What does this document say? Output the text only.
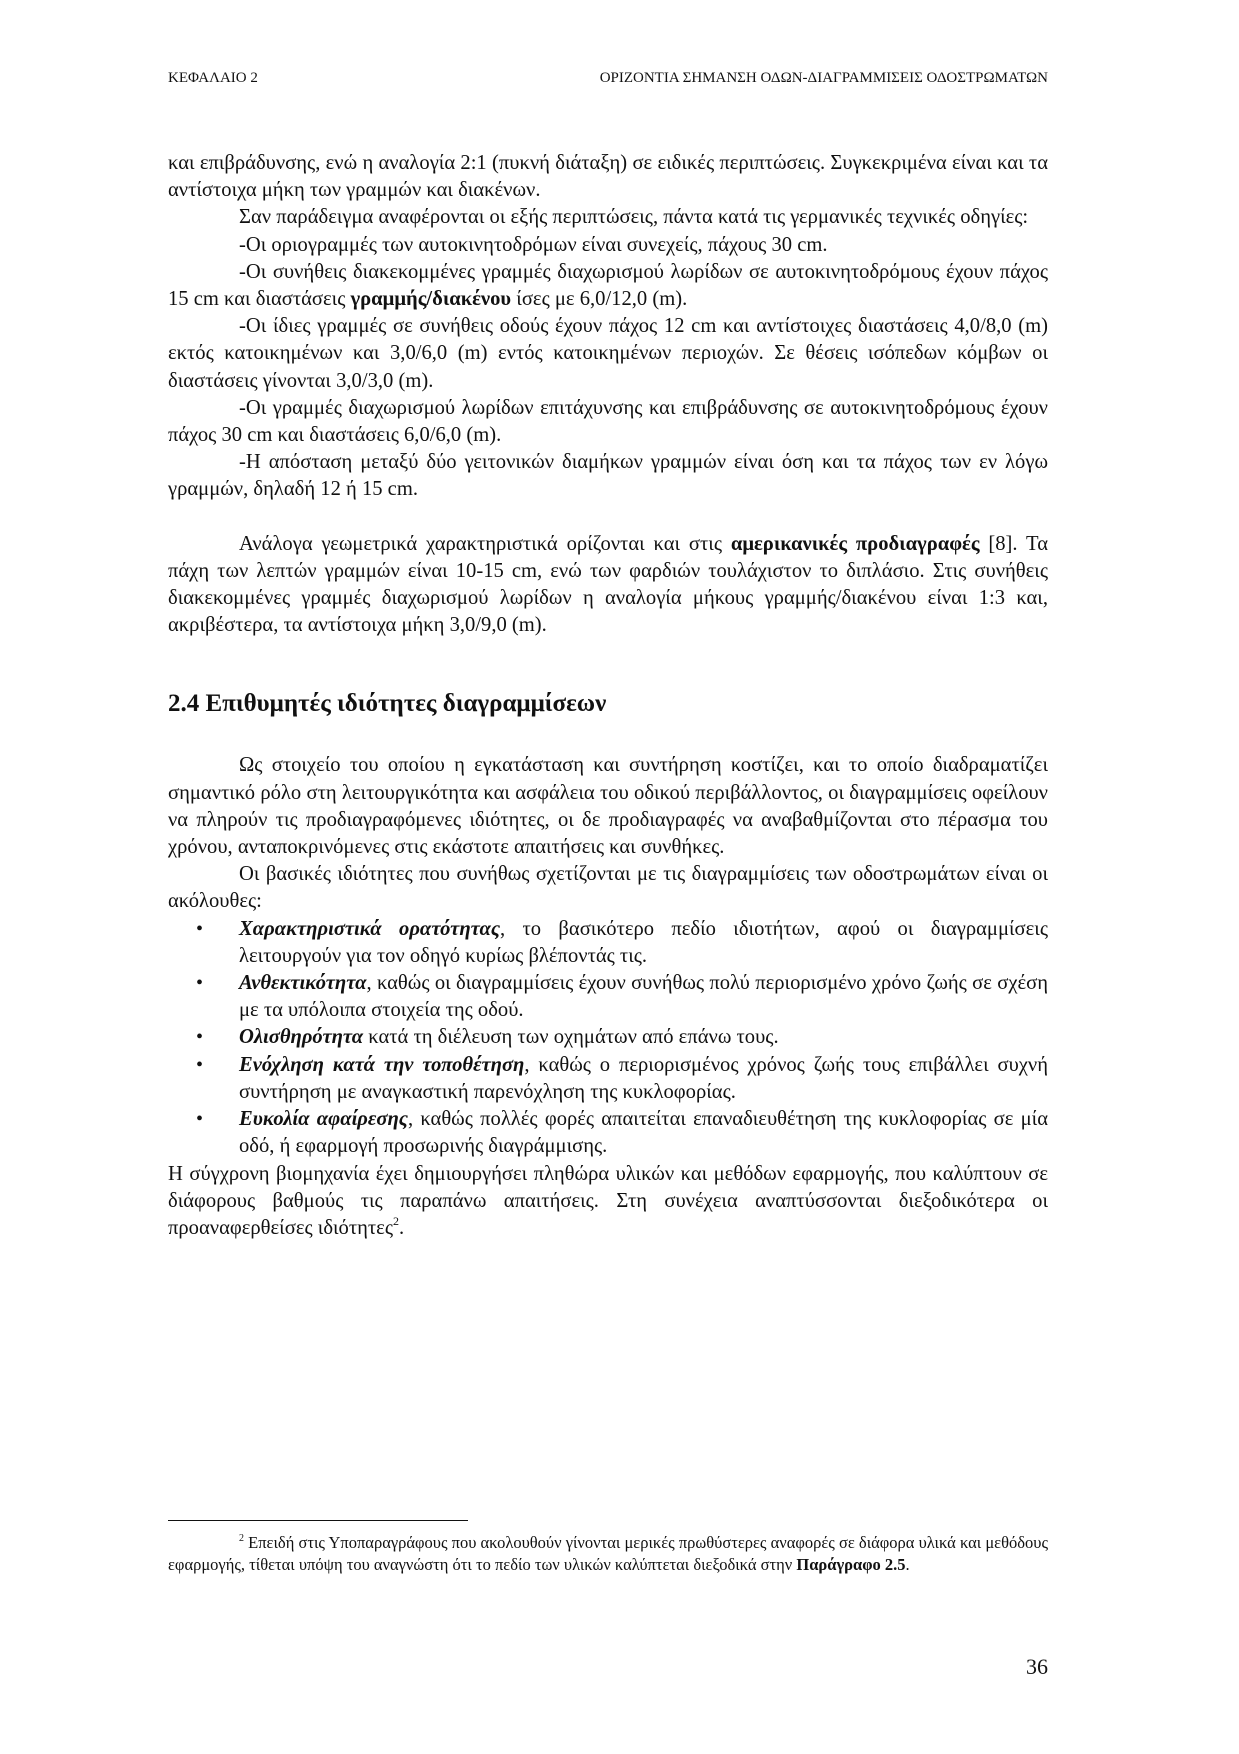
ΚΕΦΑΛΑΙΟ 2	ΟΡΙΖΟΝΤΙΑ ΣΗΜΑΝΣΗ ΟΔΩΝ-ΔΙΑΓΡΑΜΜΙΣΕΙΣ ΟΔΟΣΤΡΩΜΑΤΩΝ

και επιβράδυνσης, ενώ η αναλογία 2:1 (πυκνή διάταξη) σε ειδικές περιπτώσεις. Συγκεκριμένα είναι και τα αντίστοιχα μήκη των γραμμών και διακένων.

Σαν παράδειγμα αναφέρονται οι εξής περιπτώσεις, πάντα κατά τις γερμανικές τεχνικές οδηγίες:

-Οι οριογραμμές των αυτοκινητοδρόμων είναι συνεχείς, πάχους 30 cm.

-Οι συνήθεις διακεκομμένες γραμμές διαχωρισμού λωρίδων σε αυτοκινητοδρόμους έχουν πάχος 15 cm και διαστάσεις γραμμής/διακένου ίσες με 6,0/12,0 (m).

-Οι ίδιες γραμμές σε συνήθεις οδούς έχουν πάχος 12 cm και αντίστοιχες διαστάσεις 4,0/8,0 (m) εκτός κατοικημένων και 3,0/6,0 (m) εντός κατοικημένων περιοχών. Σε θέσεις ισόπεδων κόμβων οι διαστάσεις γίνονται 3,0/3,0 (m).

-Οι γραμμές διαχωρισμού λωρίδων επιτάχυνσης και επιβράδυνσης σε αυτοκινητοδρόμους έχουν πάχος 30 cm και διαστάσεις 6,0/6,0 (m).

-Η απόσταση μεταξύ δύο γειτονικών διαμήκων γραμμών είναι όση και τα πάχος των εν λόγω γραμμών, δηλαδή 12 ή 15 cm.

Ανάλογα γεωμετρικά χαρακτηριστικά ορίζονται και στις αμερικανικές προδιαγραφές [8]. Τα πάχη των λεπτών γραμμών είναι 10-15 cm, ενώ των φαρδιών τουλάχιστον το διπλάσιο. Στις συνήθεις διακεκομμένες γραμμές διαχωρισμού λωρίδων η αναλογία μήκους γραμμής/διακένου είναι 1:3 και, ακριβέστερα, τα αντίστοιχα μήκη 3,0/9,0 (m).

2.4 Επιθυμητές ιδιότητες διαγραμμίσεων

Ως στοιχείο του οποίου η εγκατάσταση και συντήρηση κοστίζει, και το οποίο διαδραματίζει σημαντικό ρόλο στη λειτουργικότητα και ασφάλεια του οδικού περιβάλλοντος, οι διαγραμμίσεις οφείλουν να πληρούν τις προδιαγραφόμενες ιδιότητες, οι δε προδιαγραφές να αναβαθμίζονται στο πέρασμα του χρόνου, ανταποκρινόμενες στις εκάστοτε απαιτήσεις και συνθήκες.

Οι βασικές ιδιότητες που συνήθως σχετίζονται με τις διαγραμμίσεις των οδοστρωμάτων είναι οι ακόλουθες:

• Χαρακτηριστικά ορατότητας, το βασικότερο πεδίο ιδιοτήτων, αφού οι διαγραμμίσεις λειτουργούν για τον οδηγό κυρίως βλέποντάς τις.
• Ανθεκτικότητα, καθώς οι διαγραμμίσεις έχουν συνήθως πολύ περιορισμένο χρόνο ζωής σε σχέση με τα υπόλοιπα στοιχεία της οδού.
• Ολισθηρότητα κατά τη διέλευση των οχημάτων από επάνω τους.
• Ενόχληση κατά την τοποθέτηση, καθώς ο περιορισμένος χρόνος ζωής τους επιβάλλει συχνή συντήρηση με αναγκαστική παρενόχληση της κυκλοφορίας.
• Ευκολία αφαίρεσης, καθώς πολλές φορές απαιτείται επαναδιευθέτηση της κυκλοφορίας σε μία οδό, ή εφαρμογή προσωρινής διαγράμμισης.

Η σύγχρονη βιομηχανία έχει δημιουργήσει πληθώρα υλικών και μεθόδων εφαρμογής, που καλύπτουν σε διάφορους βαθμούς τις παραπάνω απαιτήσεις. Στη συνέχεια αναπτύσσονται διεξοδικότερα οι προαναφερθείσες ιδιότητες$^2$.

$^2$ Επειδή στις Υποπαραγράφους που ακολουθούν γίνονται μερικές πρωθύστερες αναφορές σε διάφορα υλικά και μεθόδους εφαρμογής, τίθεται υπόψη του αναγνώστη ότι το πεδίο των υλικών καλύπτεται διεξοδικά στην Παράγραφο 2.5.

36
